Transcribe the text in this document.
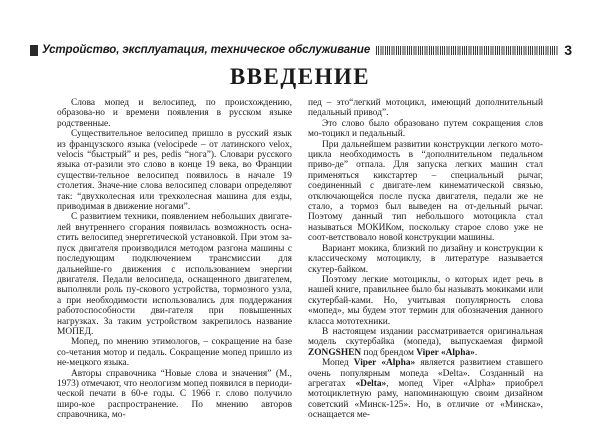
Устройство, эксплуатация, техническое обслуживание	3
ВВЕДЕНИЕ

Слова мопед и велосипед, по происхождению, образова-но и времени появления в русском языке родственные.

Существительное велосипед пришло в русский язык из французского языка (velocipede – от латинского velox, velocis “быстрый” и pes, pedis “нога”). Словари русского языка от-разили это слово в конце 19 века, во Франции существи-тельное велосипед появилось в начале 19 столетия. Значе-ние слова велосипед словари определяют так: “двухколесная или трехколесная машина для езды, приводимая в движение ногами”.

С развитием техники, появлением небольших двигате-лей внутреннего сгорания появилась возможность осна-стить велосипед энергетической установкой. При этом за-пуск двигателя производился методом разгона машины с последующим подключением трансмиссии для дальнейше-го движения с использованием энергии двигателя. Педали велосипеда, оснащенного двигателем, выполняли роль пу-скового устройства, тормозного узла, а при необходимости использовались для поддержания работоспособности дви-гателя при повышенных нагрузках. За таким устройством закрепилось название МОПЕД.

Мопед, по мнению этимологов, – сокращение на базе со-четания мотор и педаль. Сокращение мопед пришло из не-мецкого языка.

Авторы справочника “Новые слова и значения” (М., 1973) отмечают, что неологизм мопед появился в периоди-ческой печати в 60-е годы. С 1966 г. слово получило широ-кое распространение. По мнению авторов справочника, мо-

пед – это“легкий мотоцикл, имеющий дополнительный педальный привод”.

Это слово было образовано путем сокращения слов мо-тоцикл и педальный.

При дальнейшем развитии конструкции легкого мото-цикла необходимость в “дополнительном педальном приво-де” отпала. Для запуска легких машин стал применяться кикстартер – специальный рычаг, соединенный с двигате-лем кинематической связью, отключающейся после пуска двигателя, педали же не стало, а тормоз был выведен на от-дельный рычаг. Поэтому данный тип небольшого мотоцикла стал называться МОКИКом, поскольку старое слово уже не соот-ветствовало новой конструкции машины.

Вариант мокика, близкий по дизайну и конструкции к классическому мотоциклу, в литературе называется скутер-байком.

Поэтому легкие мотоциклы, о которых идет речь в нашей книге, правильнее было бы называть мокиками или скутербай-ками. Но, учитывая популярность слова «мопед», мы будем этот термин для обозначения данного класса мототехники.

В настоящем издании рассматривается оригинальная модель скутербайка (мопеда), выпускаемая фирмой ZONGSHEN под брендом Viper «Alpha».

Мопед Viper «Alpha» является развитием ставшего очень популярным мопеда «Delta». Созданный на агрегатах «Delta», мопед Viper «Alpha» приобрел мотоциклетную раму, напоминающую своим дизайном советский «Минск-125». Но, в отличие от «Минска», оснащается ме-
